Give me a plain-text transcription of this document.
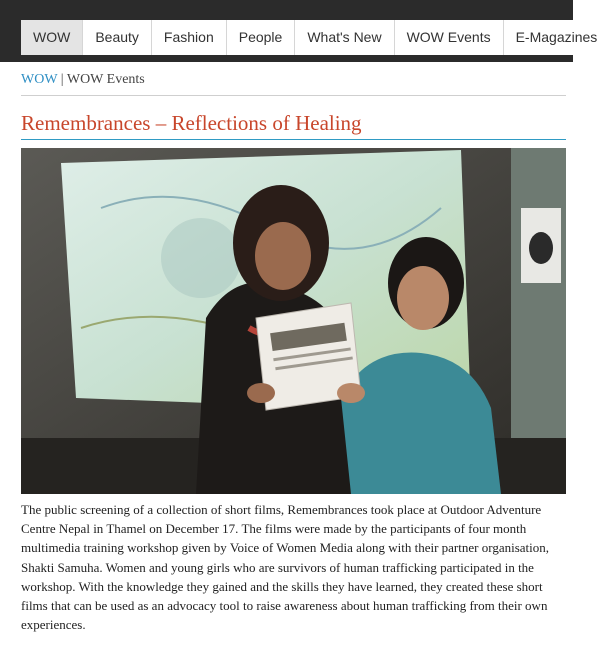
WOW	Beauty	Fashion	People	What's New	WOW Events	E-Magazines
WOW | WOW Events
Remembrances – Reflections of Healing

The public screening of a collection of short films, Remembrances took place at Outdoor Adventure Centre Nepal in Thamel on December 17. The films were made by the participants of four month multimedia training workshop given by Voice of Women Media along with their partner organisation, Shakti Samuha. Women and young girls who are survivors of human trafficking participated in the workshop. With the knowledge they gained and the skills they have learned, they created these short films that can be used as an advocacy tool to raise awareness about human trafficking from their own experiences.
